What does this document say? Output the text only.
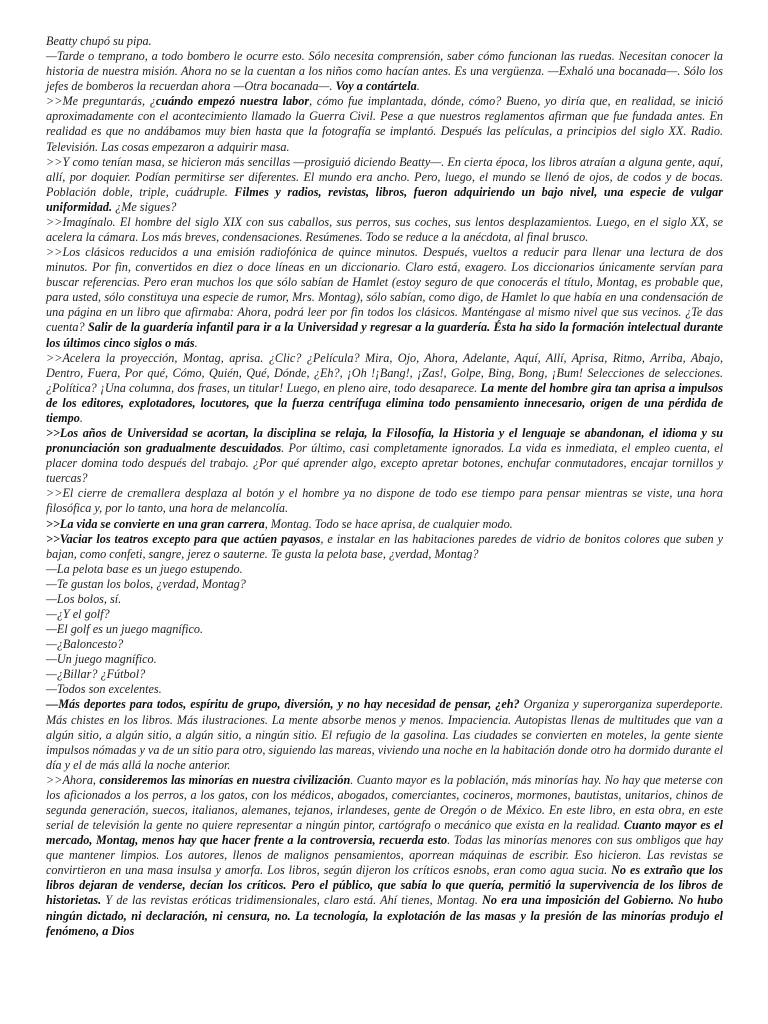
Beatty chupó su pipa.

—Tarde o temprano, a todo bombero le ocurre esto. Sólo necesita comprensión, saber cómo funcionan las ruedas. Necesitan conocer la historia de nuestra misión. Ahora no se la cuentan a los niños como hacían antes. Es una vergüenza. —Exhaló una bocanada—. Sólo los jefes de bomberos la recuerdan ahora —Otra bocanada—. Voy a contártela.

>>Me preguntarás, ¿cuándo empezó nuestra labor, cómo fue implantada, dónde, cómo? Bueno, yo diría que, en realidad, se inició aproximadamente con el acontecimiento llamado la Guerra Civil. Pese a que nuestros reglamentos afirman que fue fundada antes. En realidad es que no andábamos muy bien hasta que la fotografía se implantó. Después las películas, a principios del siglo XX. Radio. Televisión. Las cosas empezaron a adquirir masa.

>>Y como tenían masa, se hicieron más sencillas —prosiguió diciendo Beatty—. En cierta época, los libros atraían a alguna gente, aquí, allí, por doquier. Podían permitirse ser diferentes. El mundo era ancho. Pero, luego, el mundo se llenó de ojos, de codos y de bocas. Población doble, triple, cuádruple. Filmes y radios, revistas, libros, fueron adquiriendo un bajo nivel, una especie de vulgar uniformidad. ¿Me sigues?

>>Imagínalo. El hombre del siglo XIX con sus caballos, sus perros, sus coches, sus lentos desplazamientos. Luego, en el siglo XX, se acelera la cámara. Los más breves, condensaciones. Resúmenes. Todo se reduce a la anécdota, al final brusco.

>>Los clásicos reducidos a una emisión radiofónica de quince minutos. Después, vueltos a reducir para llenar una lectura de dos minutos. Por fin, convertidos en diez o doce líneas en un diccionario. Claro está, exagero. Los diccionarios únicamente servían para buscar referencias. Pero eran muchos los que sólo sabían de Hamlet (estoy seguro de que conocerás el título, Montag, es probable que, para usted, sólo constituya una especie de rumor, Mrs. Montag), sólo sabían, como digo, de Hamlet lo que había en una condensación de una página en un libro que afirmaba: Ahora, podrá leer por fin todos los clásicos. Manténgase al mismo nivel que sus vecinos. ¿Te das cuenta? Salir de la guardería infantil para ir a la Universidad y regresar a la guardería. Ésta ha sido la formación intelectual durante los últimos cinco siglos o más.

>>Acelera la proyección, Montag, aprisa. ¿Clic? ¿Película? Mira, Ojo, Ahora, Adelante, Aquí, Allí, Aprisa, Ritmo, Arriba, Abajo, Dentro, Fuera, Por qué, Cómo, Quién, Qué, Dónde, ¿Eh?, ¡Oh !¡Bang!, ¡Zas!, Golpe, Bing, Bong, ¡Bum! Selecciones de selecciones. ¿Política? ¡Una columna, dos frases, un titular! Luego, en pleno aire, todo desaparece. La mente del hombre gira tan aprisa a impulsos de los editores, explotadores, locutores, que la fuerza centrífuga elimina todo pensamiento innecesario, origen de una pérdida de tiempo.

>>Los años de Universidad se acortan, la disciplina se relaja, la Filosofía, la Historia y el lenguaje se abandonan, el idioma y su pronunciación son gradualmente descuidados. Por último, casi completamente ignorados. La vida es inmediata, el empleo cuenta, el placer domina todo después del trabajo. ¿Por qué aprender algo, excepto apretar botones, enchufar conmutadores, encajar tornillos y tuercas?

>>El cierre de cremallera desplaza al botón y el hombre ya no dispone de todo ese tiempo para pensar mientras se viste, una hora filosófica y, por lo tanto, una hora de melancolía.

>>La vida se convierte en una gran carrera, Montag. Todo se hace aprisa, de cualquier modo.

>>Vaciar los teatros excepto para que actúen payasos, e instalar en las habitaciones paredes de vidrio de bonitos colores que suben y bajan, como confeti, sangre, jerez o sauterne. Te gusta la pelota base, ¿verdad, Montag?

—La pelota base es un juego estupendo.

—Te gustan los bolos, ¿verdad, Montag?

—Los bolos, sí.

—¿Y el golf?

—El golf es un juego magnífico.

—¿Baloncesto?

—Un juego magnífico.

—¿Billar? ¿Fútbol?

—Todos son excelentes.

—Más deportes para todos, espíritu de grupo, diversión, y no hay necesidad de pensar, ¿eh? Organiza y superorganiza superdeporte. Más chistes en los libros. Más ilustraciones. La mente absorbe menos y menos. Impaciencia. Autopistas llenas de multitudes que van a algún sitio, a algún sitio, a algún sitio, a ningún sitio. El refugio de la gasolina. Las ciudades se convierten en moteles, la gente siente impulsos nómadas y va de un sitio para otro, siguiendo las mareas, viviendo una noche en la habitación donde otro ha dormido durante el día y el de más allá la noche anterior.

>>Ahora, consideremos las minorías en nuestra civilización. Cuanto mayor es la población, más minorías hay. No hay que meterse con los aficionados a los perros, a los gatos, con los médicos, abogados, comerciantes, cocineros, mormones, bautistas, unitarios, chinos de segunda generación, suecos, italianos, alemanes, tejanos, irlandeses, gente de Oregón o de México. En este libro, en esta obra, en este serial de televisión la gente no quiere representar a ningún pintor, cartógrafo o mecánico que exista en la realidad. Cuanto mayor es el mercado, Montag, menos hay que hacer frente a la controversia, recuerda esto. Todas las minorías menores con sus ombligos que hay que mantener limpios. Los autores, llenos de malignos pensamientos, aporrean máquinas de escribir. Eso hicieron. Las revistas se convirtieron en una masa insulsa y amorfa. Los libros, según dijeron los críticos esnobs, eran como agua sucia. No es extraño que los libros dejaran de venderse, decían los críticos. Pero el público, que sabía lo que quería, permitió la supervivencia de los libros de historietas. Y de las revistas eróticas tridimensionales, claro está. Ahí tienes, Montag. No era una imposición del Gobierno. No hubo ningún dictado, ni declaración, ni censura, no. La tecnología, la explotación de las masas y la presión de las minorías produjo el fenómeno, a Dios
